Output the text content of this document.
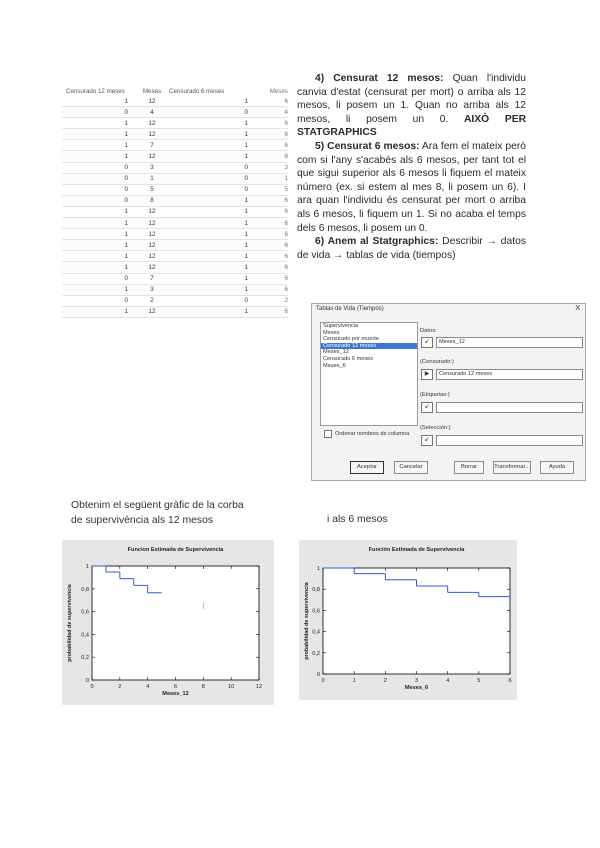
Censurado 12 meses	Meses	Censurado 6 meses	Meses
1	12	1	6
0	4	0	4
1	12	1	6
1	12	1	6
1	7	1	6
1	12	1	6
0	3	0	3
0	1	0	1
0	5	0	5
0	8	1	6
1	12	1	6
1	12	1	6
1	12	1	6
1	12	1	6
1	12	1	6
1	12	1	6
0	7	1	6
1	3	1	6
0	2	0	2
1	12	1	6

4) Censurat 12 mesos: Quan l'individu canvia d'estat (censurat per mort) o arriba als 12 mesos, li posem un 1. Quan no arriba als 12 mesos, li posem un 0. AIXÒ PER STATGRAPHICS

5) Censurat 6 mesos: Ara fem el mateix però com si l'any s'acabés als 6 mesos, per tant tot el que sigui superior als 6 mesos li fiquem el mateix número (ex. si estem al mes 8, li posem un 6). I ara quan l'individu és censurat per mort o arriba als 6 mesos, li fiquem un 1. Si no acaba el temps dels 6 mesos, li posem un 0.

6) Anem al Statgraphics: Describir → datos de vida → tablas de vida (tiempos)

Tablas de Vida (Tiempos)	X
Supervivencia
Meses
Censurado por muerte
Censurado 12 meses
Meses_12
Censurado 6 meses
Meses_6
Datos:
↙	Meses_12
(Censurado:)
▶	Censurado 12 meses
(Etiquetas:)
↙
(Selección:)
↙
Ordenar nombres de columna
Aceptar	Cancelar	Borrar	Transformar...	Ayuda
Obtenim el següent gràfic de la corba
de supervivència als 12 mesos	i als 6 mesos
Funcion Estimada de Supervivencia
0	2	4	6	8	10	12
0
0,2
0,4
0,6
0,8
1
Meses_12
probabilidad de supervivencia
Función Estimada de Supervivencia
0	1	2	3	4	5	6
0
0,2
0,4
0,6
0,8
1
Meses_6
probabilidad de supervivencia
